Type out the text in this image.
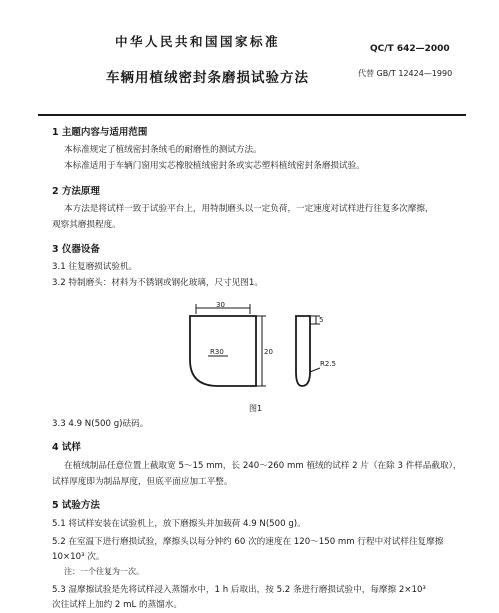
中华人民共和国国家标准	QC/T 642—2000
车辆用植绒密封条磨损试验方法	代替 GB/T 12424—1990
1 主题内容与适用范围
本标准规定了植绒密封条绒毛的耐磨性的测试方法。
本标准适用于车辆门窗用实芯橡胶植绒密封条或实芯塑料植绒密封条磨损试验。
2 方法原理
本方法是将试样一致于试验平台上，用特制磨头以一定负荷，一定速度对试样进行往复多次摩擦，
观察其磨损程度。
3 仪器设备
3.1 往复磨损试验机。
3.2 特制磨头：材料为不锈钢或钢化玻璃，尺寸见图1。
30
R30	20
5
R2.5
图1
3.3 4.9 N(500 g)砝码。
4 试样
在植绒制品任意位置上截取宽 5～15 mm，长 240～260 mm 植绒的试样 2 片（在除 3 件样品截取），
试样厚度即为制品厚度，但底平面应加工平整。
5 试验方法
5.1 将试样安装在试验机上，放下磨擦头并加载荷 4.9 N(500 g)。
5.2 在室温下进行磨损试验，摩擦头以每分钟约 60 次的速度在 120～150 mm 行程中对试样往复摩擦
10×10³ 次。
注：一个往复为一次。
5.3 湿摩擦试验是先将试样浸入蒸馏水中，1 h 后取出，按 5.2 条进行磨损试验中，每摩擦 2×10³
次往试样上加约 2 mL 的蒸馏水。
